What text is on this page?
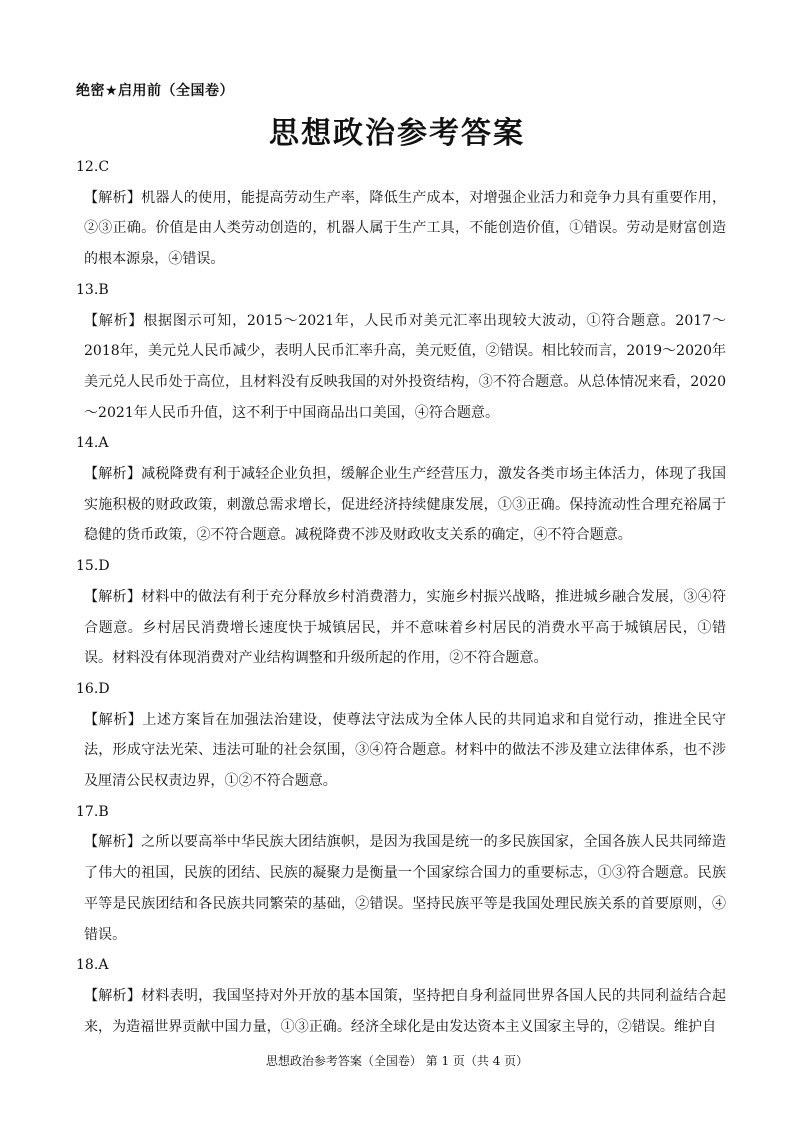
绝密★启用前（全国卷）
思想政治参考答案

12.C

【解析】机器人的使用，能提高劳动生产率，降低生产成本，对增强企业活力和竞争力具有重要作用，②③正确。价值是由人类劳动创造的，机器人属于生产工具，不能创造价值，①错误。劳动是财富创造的根本源泉，④错误。

13.B

【解析】根据图示可知，2015～2021年，人民币对美元汇率出现较大波动，①符合题意。2017～2018年，美元兑人民币减少，表明人民币汇率升高，美元贬值，②错误。相比较而言，2019～2020年美元兑人民币处于高位，且材料没有反映我国的对外投资结构，③不符合题意。从总体情况来看，2020～2021年人民币升值，这不利于中国商品出口美国，④符合题意。

14.A

【解析】减税降费有利于减轻企业负担，缓解企业生产经营压力，激发各类市场主体活力，体现了我国实施积极的财政政策，刺激总需求增长，促进经济持续健康发展，①③正确。保持流动性合理充裕属于稳健的货币政策，②不符合题意。减税降费不涉及财政收支关系的确定，④不符合题意。

15.D

【解析】材料中的做法有利于充分释放乡村消费潜力，实施乡村振兴战略，推进城乡融合发展，③④符合题意。乡村居民消费增长速度快于城镇居民，并不意味着乡村居民的消费水平高于城镇居民，①错误。材料没有体现消费对产业结构调整和升级所起的作用，②不符合题意。

16.D

【解析】上述方案旨在加强法治建设，使尊法守法成为全体人民的共同追求和自觉行动，推进全民守法，形成守法光荣、违法可耻的社会氛围，③④符合题意。材料中的做法不涉及建立法律体系，也不涉及厘清公民权责边界，①②不符合题意。

17.B

【解析】之所以要高举中华民族大团结旗帜，是因为我国是统一的多民族国家，全国各族人民共同缔造了伟大的祖国，民族的团结、民族的凝聚力是衡量一个国家综合国力的重要标志，①③符合题意。民族平等是民族团结和各民族共同繁荣的基础，②错误。坚持民族平等是我国处理民族关系的首要原则，④错误。

18.A

【解析】材料表明，我国坚持对外开放的基本国策，坚持把自身利益同世界各国人民的共同利益结合起来，为造福世界贡献中国力量，①③正确。经济全球化是由发达资本主义国家主导的，②错误。维护自

思想政治参考答案（全国卷） 第 1 页（共 4 页）
